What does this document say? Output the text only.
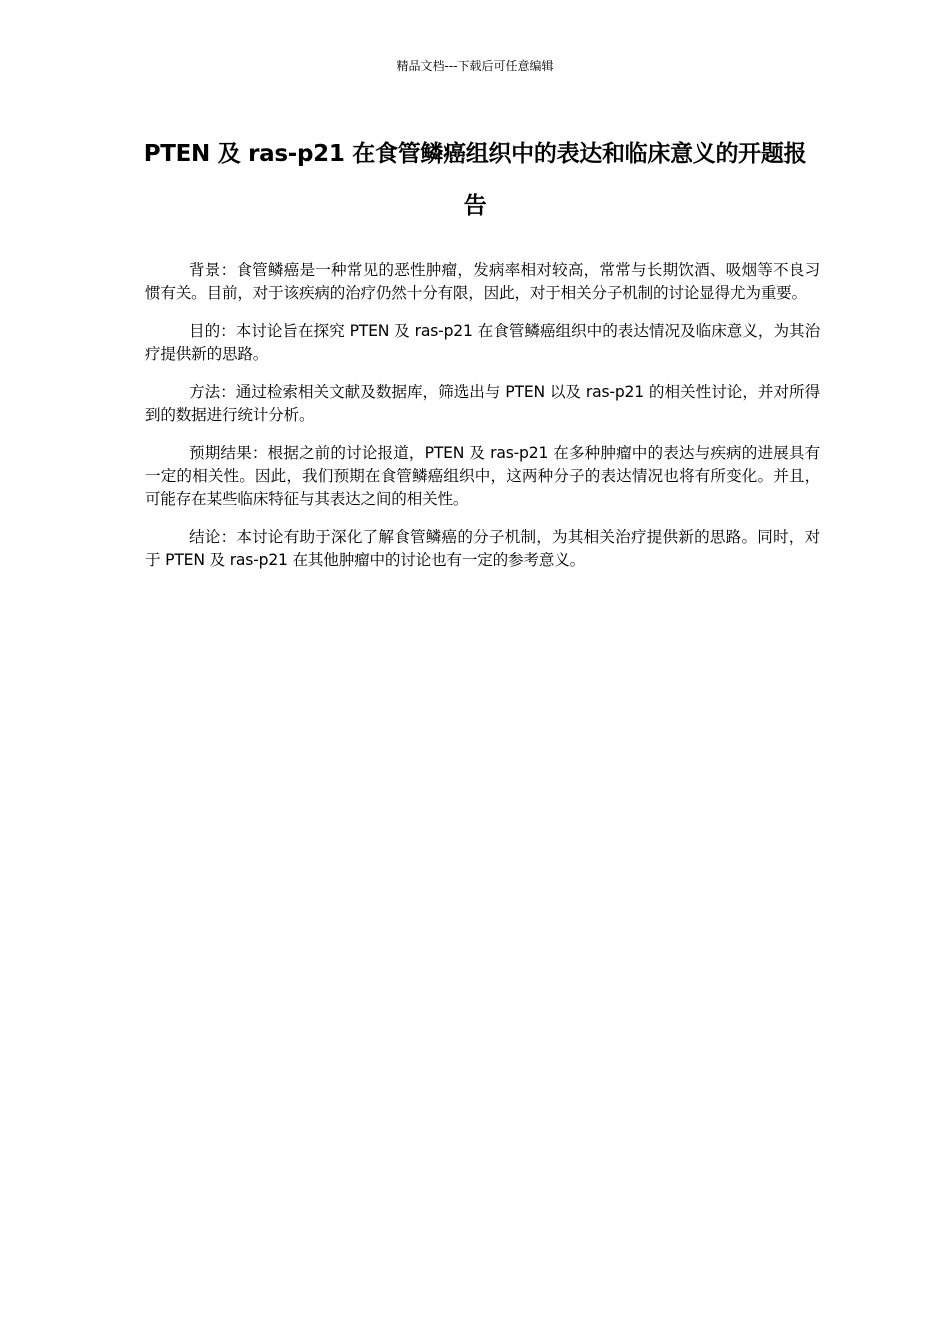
精品文档---下载后可任意编辑
PTEN 及 ras-p21 在食管鳞癌组织中的表达和临床意义的开题报告

背景：食管鳞癌是一种常见的恶性肿瘤，发病率相对较高，常常与长期饮酒、吸烟等不良习惯有关。目前，对于该疾病的治疗仍然十分有限，因此，对于相关分子机制的讨论显得尤为重要。

目的：本讨论旨在探究 PTEN 及 ras-p21 在食管鳞癌组织中的表达情况及临床意义，为其治疗提供新的思路。

方法：通过检索相关文献及数据库，筛选出与 PTEN 以及 ras-p21 的相关性讨论，并对所得到的数据进行统计分析。

预期结果：根据之前的讨论报道，PTEN 及 ras-p21 在多种肿瘤中的表达与疾病的进展具有一定的相关性。因此，我们预期在食管鳞癌组织中，这两种分子的表达情况也将有所变化。并且，可能存在某些临床特征与其表达之间的相关性。

结论：本讨论有助于深化了解食管鳞癌的分子机制，为其相关治疗提供新的思路。同时，对于 PTEN 及 ras-p21 在其他肿瘤中的讨论也有一定的参考意义。
